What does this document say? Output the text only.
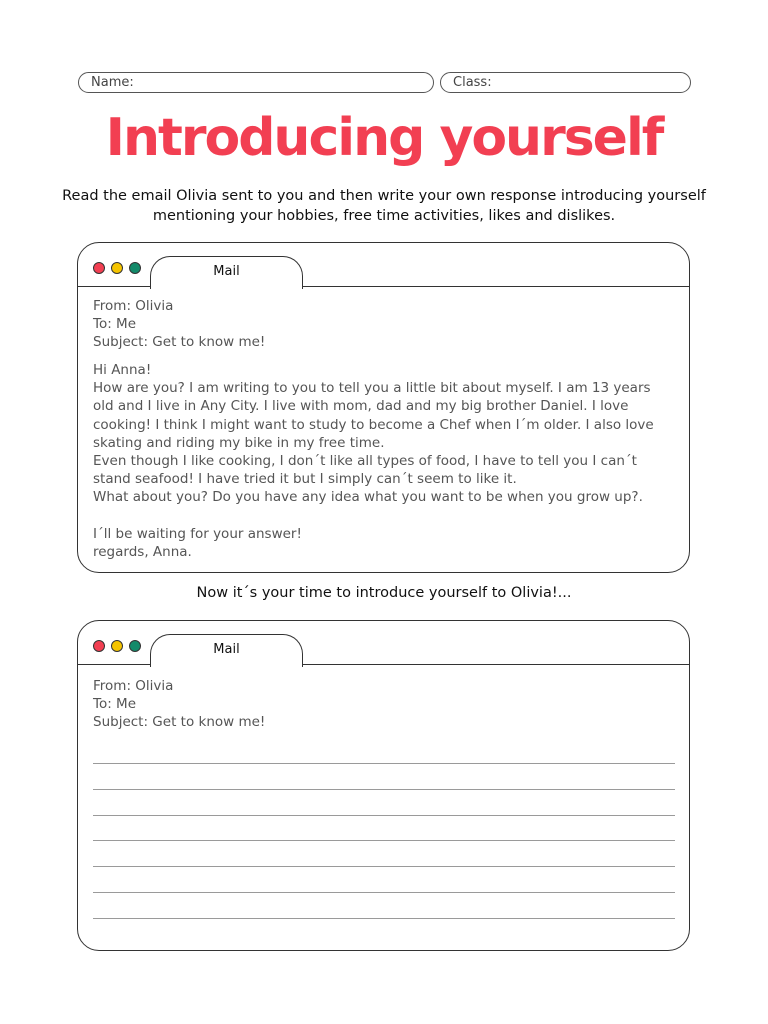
Name:	Class:
Introducing yourself
Read the email Olivia sent to you and then write your own response introducing yourself mentioning your hobbies, free time activities, likes and dislikes.
Mail
From: Olivia
To: Me
Subject: Get to know me!
Hi Anna!
How are you? I am writing to you to tell you a little bit about myself. I am 13 years old and I live in Any City. I live with mom, dad and my big brother Daniel. I love cooking! I think I might want to study to become a Chef when I´m older. I also love skating and riding my bike in my free time.
Even though I like cooking, I don´t like all types of food, I have to tell you I can´t stand seafood! I have tried it but I simply can´t seem to like it.
What about you? Do you have any idea what you want to be when you grow up?.

I´ll be waiting for your answer!
regards, Anna.
Now it´s your time to introduce yourself to Olivia!...
Mail
From: Olivia
To: Me
Subject: Get to know me!
